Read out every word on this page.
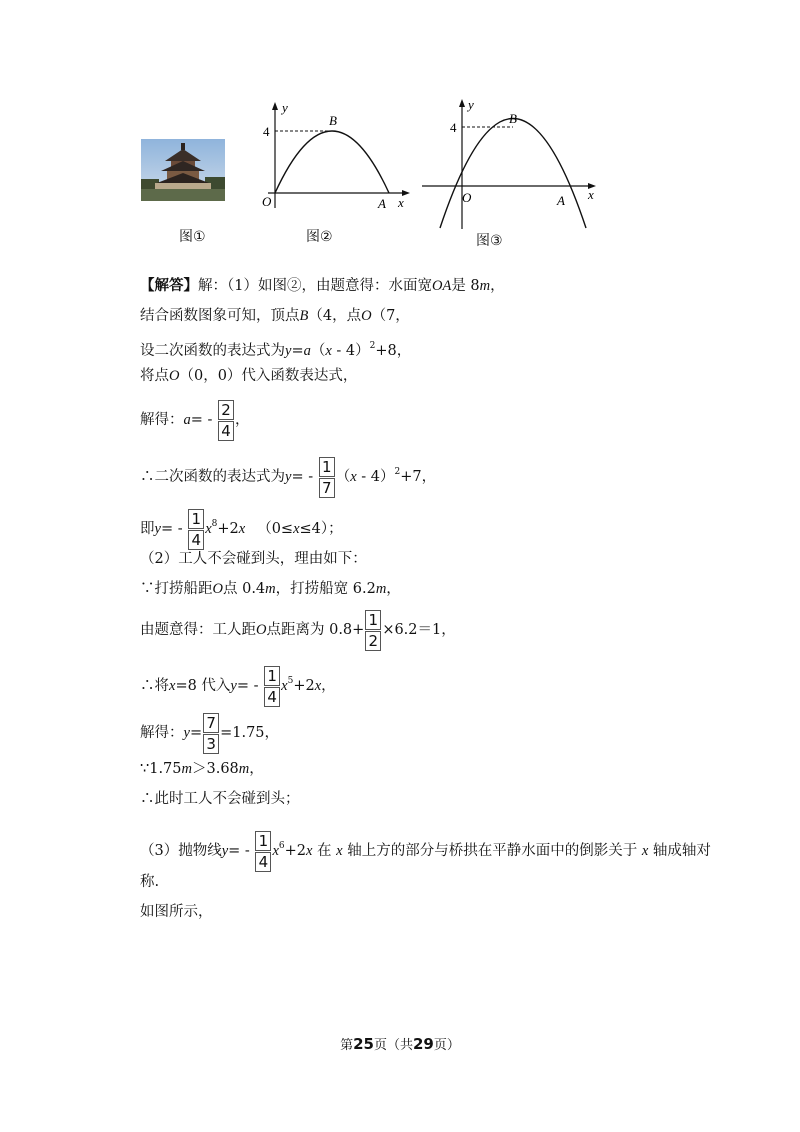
图①
y
x
O	A
B
4
图②
y
x
O	A
B
4
图③
【解答】解：（1）如图②，由题意得：水面宽OA是 8m，
结合函数图象可知，顶点B（4，点O（7，
设二次函数的表达式为y=a（x - 4）$^2$+8，
将点O（0，0）代入函数表达式，
解得：$a= - \frac{2}{4}$ ，
∴二次函数的表达式为$y= - \frac{1}{7} (x - 4)^2+7$，
即$y= - \frac{1}{4} x^8+2x$ （0≤x≤4）；
（2）工人不会碰到头，理由如下：
∵打捞船距O点 0.4m，打捞船宽 6.2m，
由题意得：工人距O点距离为 $0.8+ \frac{1}{2} \times 6.2=1$，
∴将x=8 代入$y= - \frac{1}{4} x^5+2x$，
解得：$y= \frac{7}{3} =1.75$，
∵1.75m＞3.68m，
∴此时工人不会碰到头；
（3）抛物线$y= - \frac{1}{4} x^6+2x$ 在 x 轴上方的部分与桥拱在平静水面中的倒影关于 x 轴成轴对
称.
如图所示，
第25页（共29页）
